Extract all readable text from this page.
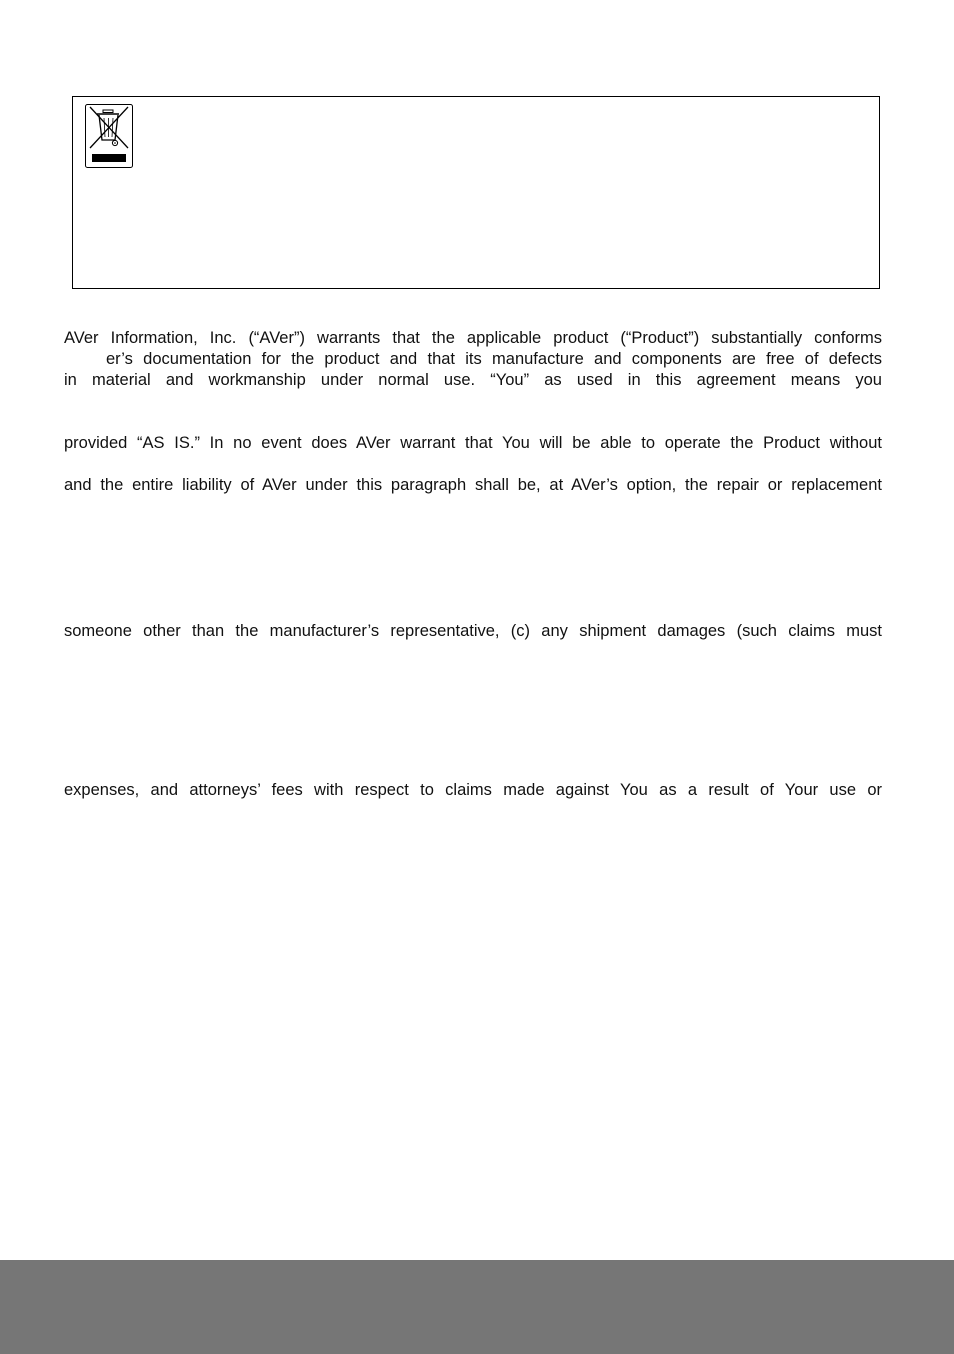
AVer Information, Inc. (“AVer”) warrants that the applicable product (“Product”) substantially conforms
er’s documentation for the product and that its manufacture and components are free of defects
in material and workmanship under normal use. “You” as used in this agreement means you
provided “AS IS.” In no event does AVer warrant that You will be able to operate the Product without
and the entire liability of AVer under this paragraph shall be, at AVer’s option, the repair or replacement
someone other than the manufacturer’s representative, (c) any shipment damages (such claims must
expenses, and attorneys’ fees with respect to claims made against You as a result of Your use or
